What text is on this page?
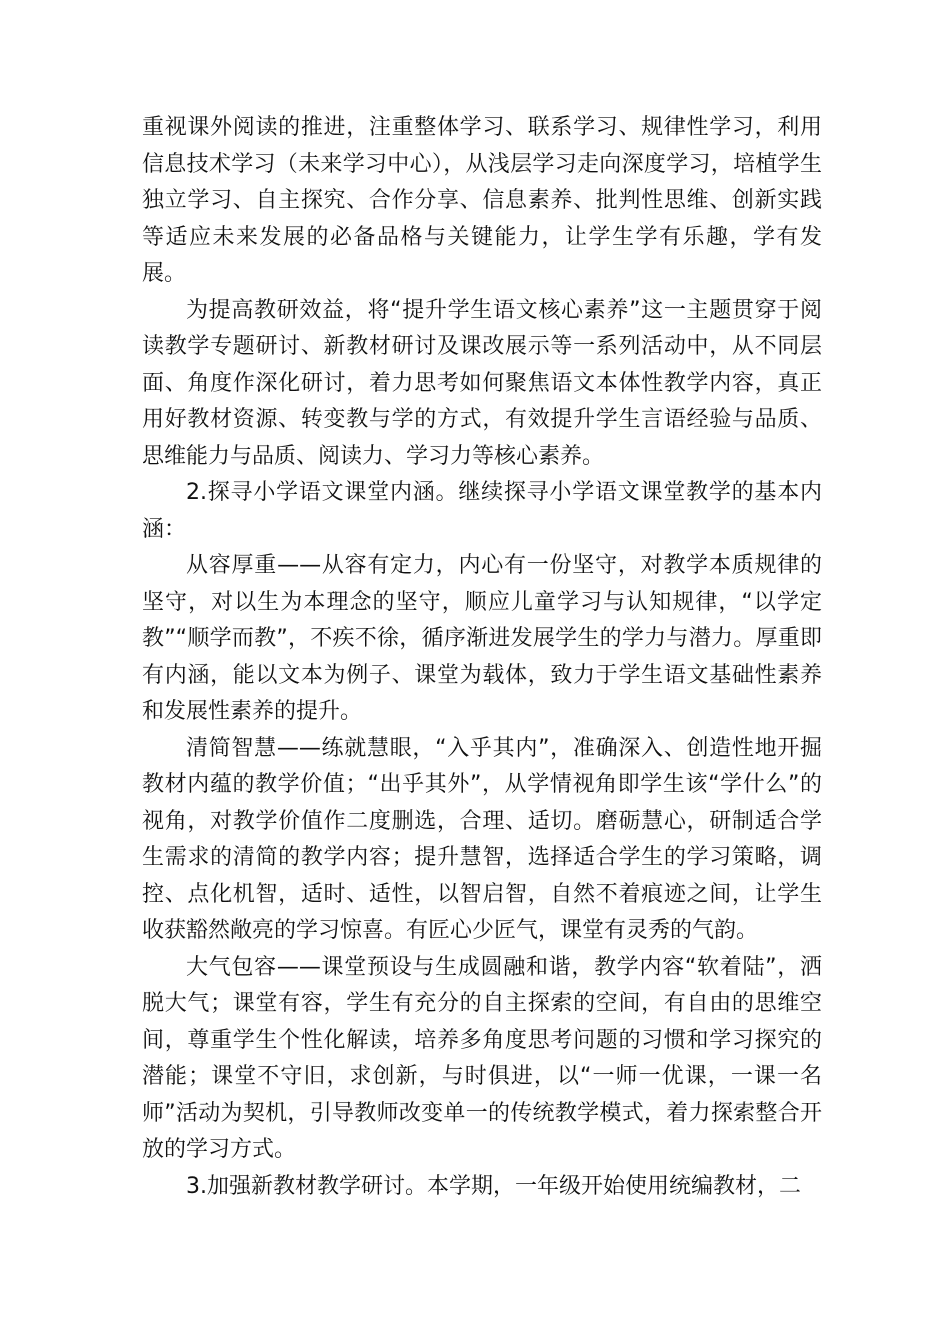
重视课外阅读的推进，注重整体学习、联系学习、规律性学习，利用信息技术学习（未来学习中心），从浅层学习走向深度学习，培植学生独立学习、自主探究、合作分享、信息素养、批判性思维、创新实践等适应未来发展的必备品格与关键能力，让学生学有乐趣，学有发展。

为提高教研效益，将“提升学生语文核心素养”这一主题贯穿于阅读教学专题研讨、新教材研讨及课改展示等一系列活动中，从不同层面、角度作深化研讨，着力思考如何聚焦语文本体性教学内容，真正用好教材资源、转变教与学的方式，有效提升学生言语经验与品质、思维能力与品质、阅读力、学习力等核心素养。

2.探寻小学语文课堂内涵。继续探寻小学语文课堂教学的基本内涵：

从容厚重——从容有定力，内心有一份坚守，对教学本质规律的坚守，对以生为本理念的坚守，顺应儿童学习与认知规律，“以学定教”“顺学而教”，不疾不徐，循序渐进发展学生的学力与潜力。厚重即有内涵，能以文本为例子、课堂为载体，致力于学生语文基础性素养和发展性素养的提升。

清简智慧——练就慧眼，“入乎其内”，准确深入、创造性地开掘教材内蕴的教学价值；“出乎其外”，从学情视角即学生该“学什么”的视角，对教学价值作二度删选，合理、适切。磨砺慧心，研制适合学生需求的清简的教学内容；提升慧智，选择适合学生的学习策略，调控、点化机智，适时、适性，以智启智，自然不着痕迹之间，让学生收获豁然敞亮的学习惊喜。有匠心少匠气，课堂有灵秀的气韵。

大气包容——课堂预设与生成圆融和谐，教学内容“软着陆”，洒脱大气；课堂有容，学生有充分的自主探索的空间，有自由的思维空间，尊重学生个性化解读，培养多角度思考问题的习惯和学习探究的潜能；课堂不守旧，求创新，与时俱进，以“一师一优课，一课一名师”活动为契机，引导教师改变单一的传统教学模式，着力探索整合开放的学习方式。

3.加强新教材教学研讨。本学期，一年级开始使用统编教材，二
